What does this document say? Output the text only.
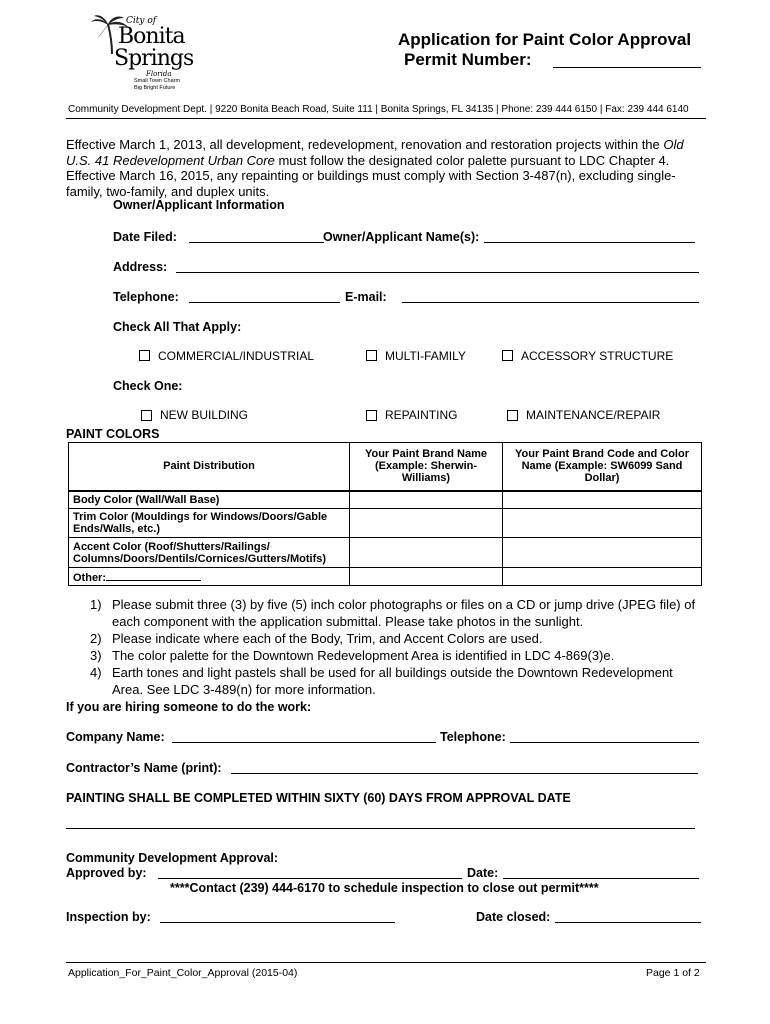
City of
Bonita
Springs
Florida
Small Town Charm
Big Bright Future
Application for Paint Color Approval
Permit Number:
Community Development Dept. | 9220 Bonita Beach Road, Suite 111 | Bonita Springs, FL 34135 | Phone: 239 444 6150 | Fax: 239 444 6140
Effective March 1, 2013, all development, redevelopment, renovation and restoration projects within the Old U.S. 41 Redevelopment Urban Core must follow the designated color palette pursuant to LDC Chapter 4.
Effective March 16, 2015, any repainting or buildings must comply with Section 3-487(n), excluding single-family, two-family, and duplex units.
Owner/Applicant Information
Date Filed:	Owner/Applicant Name(s):
Address:
Telephone:	E-mail:
Check All That Apply:
COMMERCIAL/INDUSTRIAL	MULTI-FAMILY	ACCESSORY STRUCTURE
Check One:
NEW BUILDING	REPAINTING	MAINTENANCE/REPAIR
PAINT COLORS
Paint Distribution	Your Paint Brand Name (Example: Sherwin-Williams)	Your Paint Brand Code and Color Name (Example: SW6099 Sand Dollar)
Body Color (Wall/Wall Base)		
Trim Color (Mouldings for Windows/Doors/Gable Ends/Walls, etc.)		
Accent Color (Roof/Shutters/Railings/ Columns/Doors/Dentils/Cornices/Gutters/Motifs)		
Other:		
1) Please submit three (3) by five (5) inch color photographs or files on a CD or jump drive (JPEG file) of each component with the application submittal. Please take photos in the sunlight.
2) Please indicate where each of the Body, Trim, and Accent Colors are used.
3) The color palette for the Downtown Redevelopment Area is identified in LDC 4-869(3)e.
4) Earth tones and light pastels shall be used for all buildings outside the Downtown Redevelopment Area. See LDC 3-489(n) for more information.
If you are hiring someone to do the work:
Company Name:	Telephone:
Contractor’s Name (print):
PAINTING SHALL BE COMPLETED WITHIN SIXTY (60) DAYS FROM APPROVAL DATE
Community Development Approval:
Approved by:	Date:
****Contact (239) 444-6170 to schedule inspection to close out permit****
Inspection by:	Date closed:
Application_For_Paint_Color_Approval (2015-04)	Page 1 of 2
